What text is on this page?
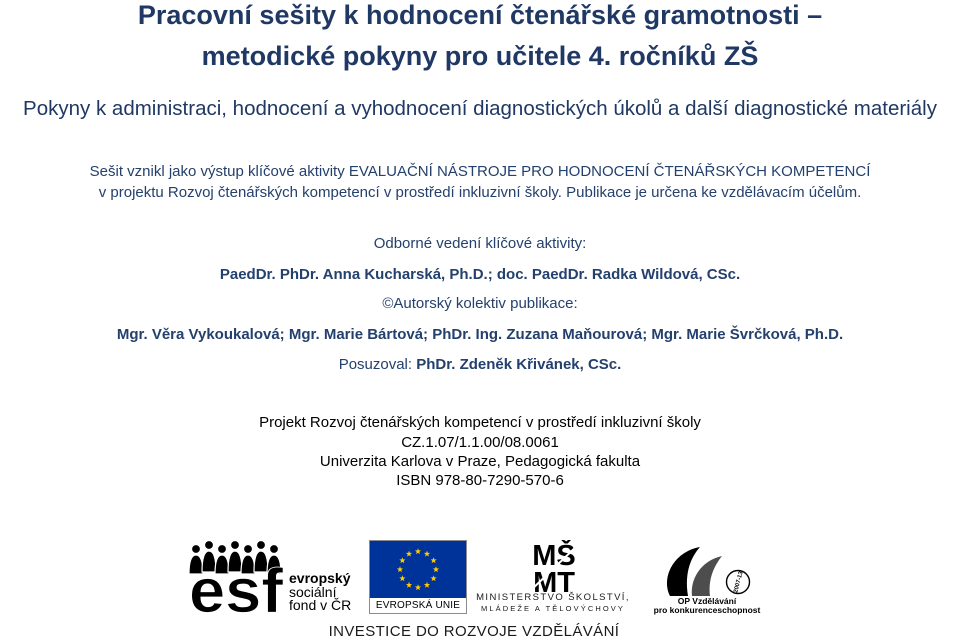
Pracovní sešity k hodnocení čtenářské gramotnosti –
metodické pokyny pro učitele 4. ročníků ZŠ
Pokyny k administraci, hodnocení a vyhodnocení diagnostických úkolů a další diagnostické materiály
Sešit vznikl jako výstup klíčové aktivity EVALUAČNÍ NÁSTROJE PRO HODNOCENÍ ČTENÁŘSKÝCH KOMPETENCÍ
v projektu Rozvoj čtenářských kompetencí v prostředí inkluzivní školy. Publikace je určena ke vzdělávacím účelům.
Odborné vedení klíčové aktivity:
PaedDr. PhDr. Anna Kucharská, Ph.D.; doc. PaedDr. Radka Wildová, CSc.
©Autorský kolektiv publikace:
Mgr. Věra Vykoukalová; Mgr. Marie Bártová; PhDr. Ing. Zuzana Maňourová; Mgr. Marie Švrčková, Ph.D.
Posuzoval: PhDr. Zdeněk Křivánek, CSc.
Projekt Rozvoj čtenářských kompetencí v prostředí inkluzivní školy
CZ.1.07/1.1.00/08.0061
Univerzita Karlova v Praze, Pedagogická fakulta
ISBN 978-80-7290-570-6
esf evropský
sociální
fond v ČR	EVROPSKÁ UNIE
MŠ
MT
MINISTERSTVO ŠKOLSTVÍ,
MLÁDEŽE A TĚLOVÝCHOVY
2007-13
OP Vzdělávání
pro konkurenceschopnost
INVESTICE DO ROZVOJE VZDĚLÁVÁNÍ
